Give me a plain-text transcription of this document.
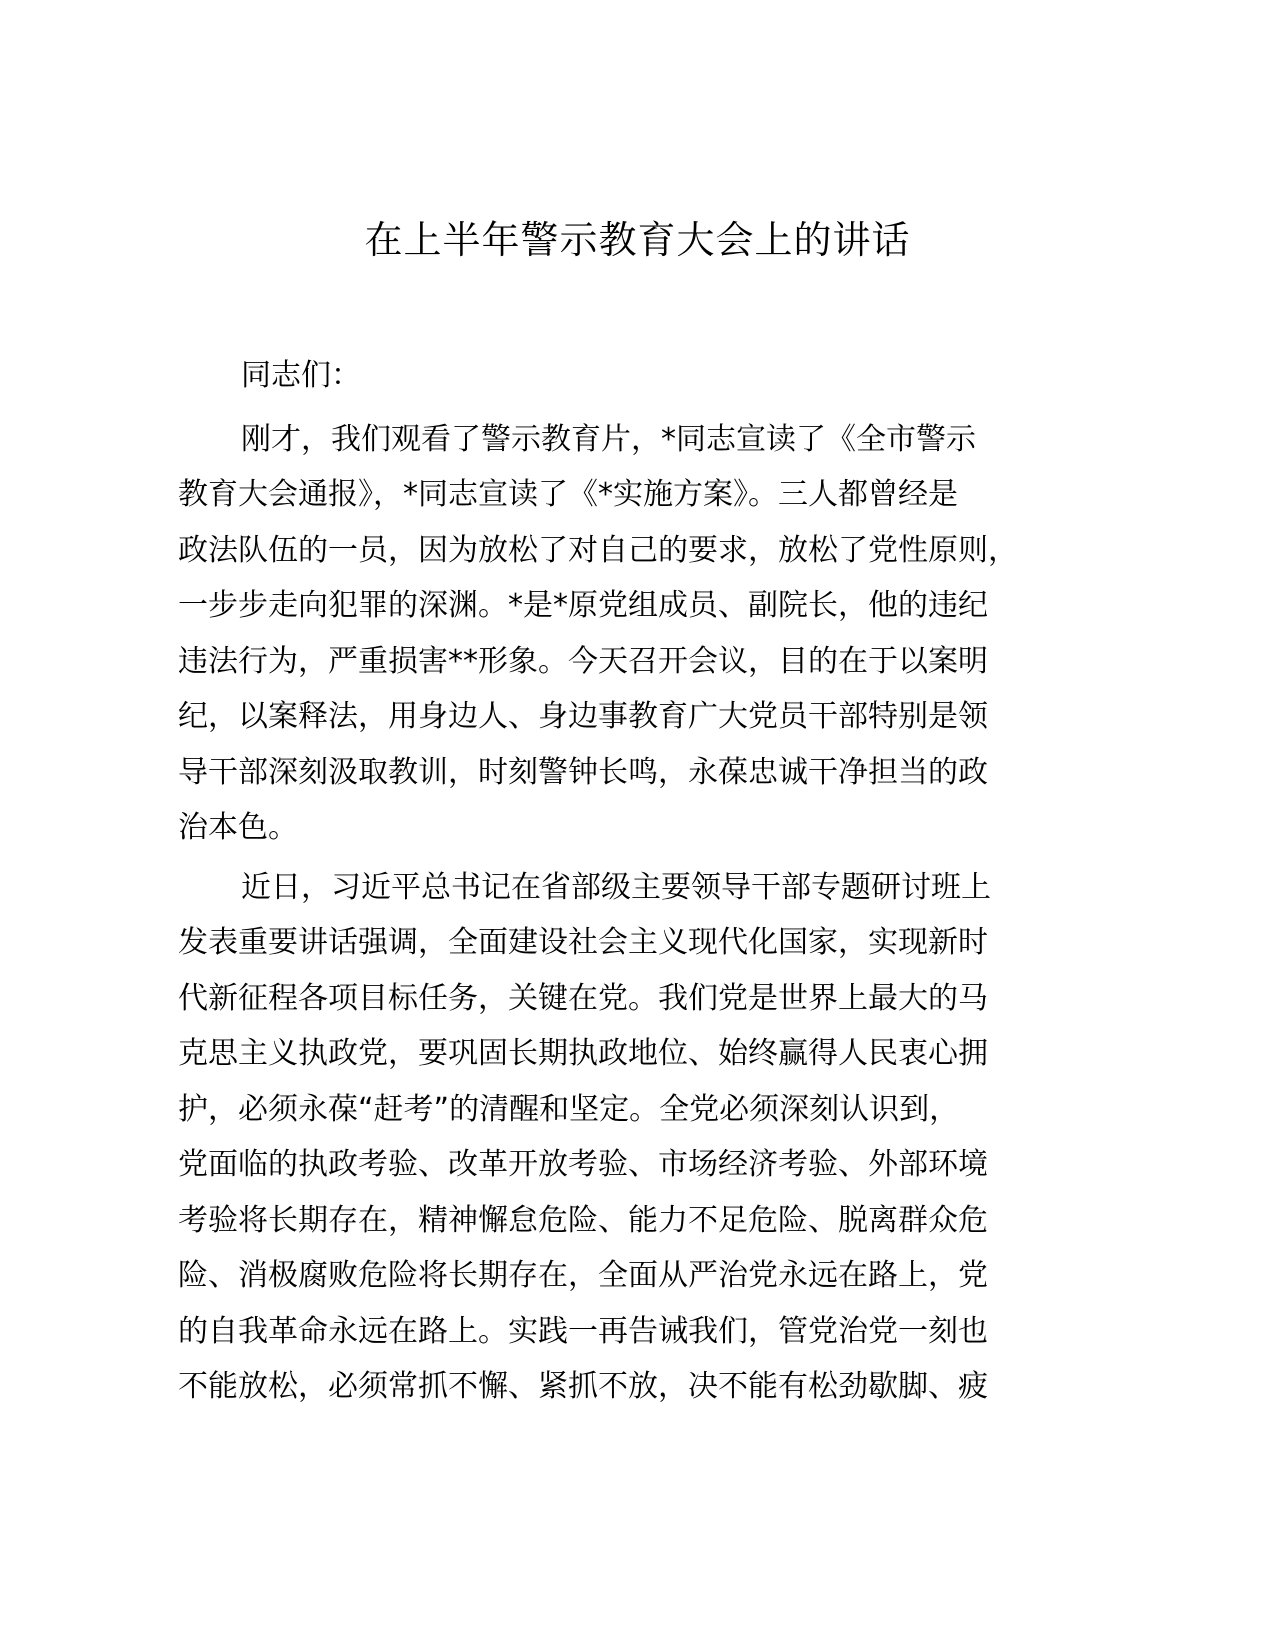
在上半年警示教育大会上的讲话
同志们：
刚才，我们观看了警示教育片，*同志宣读了《全市警示
教育大会通报》，*同志宣读了《*实施方案》。三人都曾经是
政法队伍的一员，因为放松了对自己的要求，放松了党性原则，
一步步走向犯罪的深渊。*是*原党组成员、副院长，他的违纪
违法行为，严重损害**形象。今天召开会议，目的在于以案明
纪，以案释法，用身边人、身边事教育广大党员干部特别是领
导干部深刻汲取教训，时刻警钟长鸣，永葆忠诚干净担当的政
治本色。
近日，习近平总书记在省部级主要领导干部专题研讨班上
发表重要讲话强调，全面建设社会主义现代化国家，实现新时
代新征程各项目标任务，关键在党。我们党是世界上最大的马
克思主义执政党，要巩固长期执政地位、始终赢得人民衷心拥
护，必须永葆“赶考”的清醒和坚定。全党必须深刻认识到，
党面临的执政考验、改革开放考验、市场经济考验、外部环境
考验将长期存在，精神懈怠危险、能力不足危险、脱离群众危
险、消极腐败危险将长期存在，全面从严治党永远在路上，党
的自我革命永远在路上。实践一再告诫我们，管党治党一刻也
不能放松，必须常抓不懈、紧抓不放，决不能有松劲歇脚、疲
